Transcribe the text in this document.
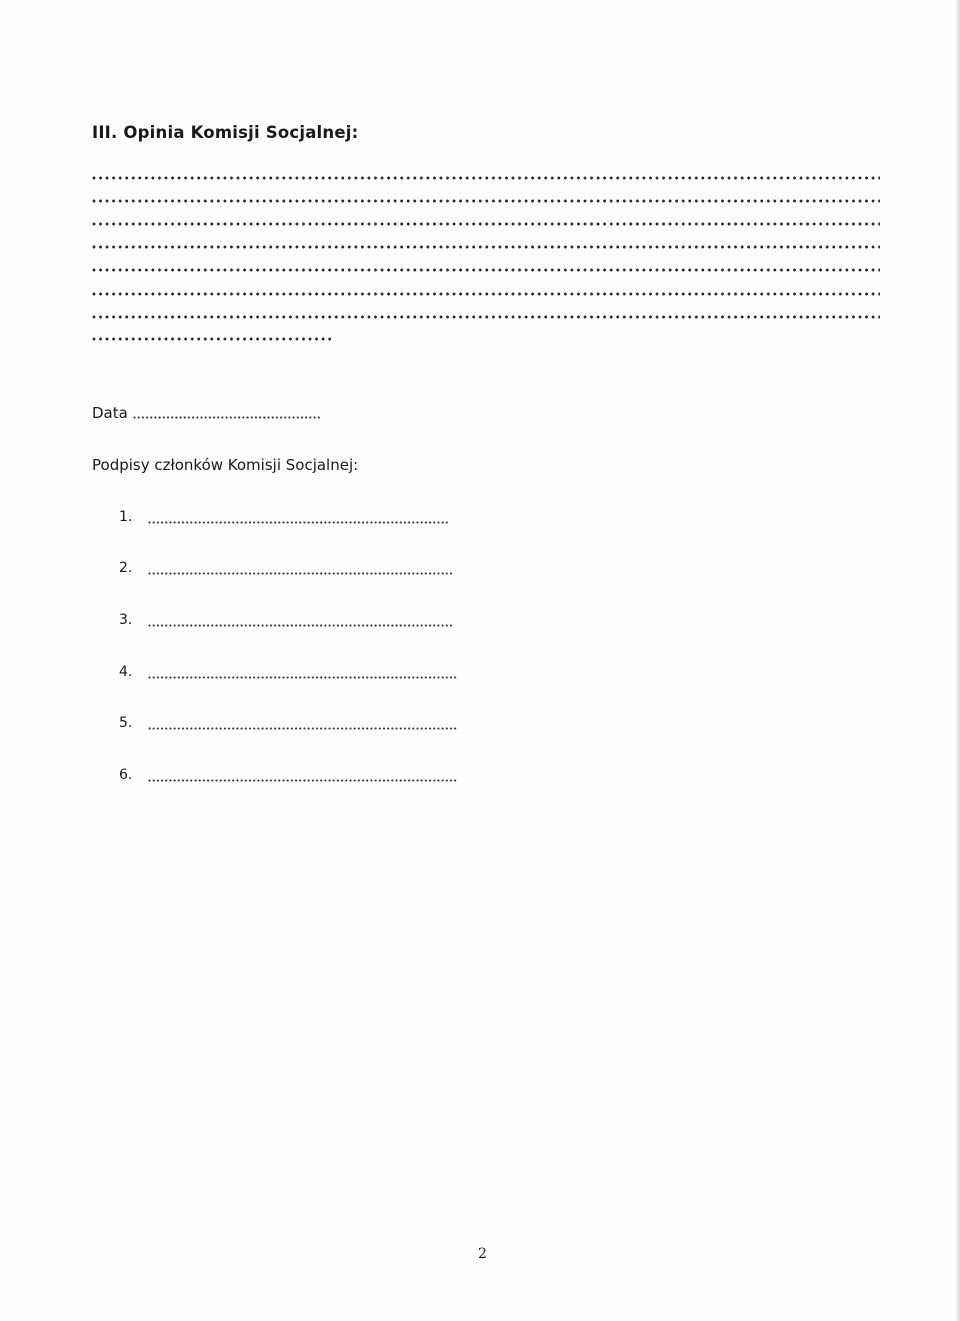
III. Opinia Komisji Socjalnej:
Data
Podpisy członków Komisji Socjalnej:
1.
2.
3.
4.
5.
6.
2
